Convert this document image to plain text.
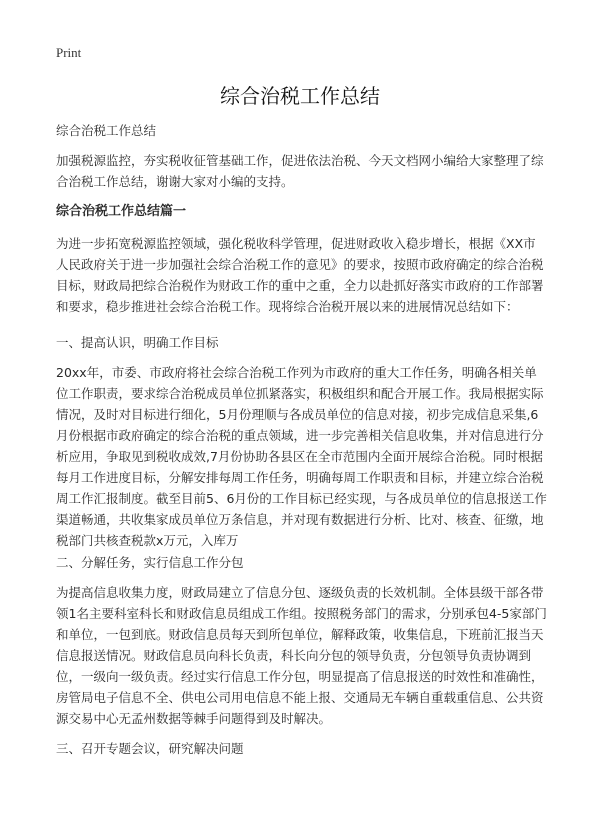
Print
综合治税工作总结

综合治税工作总结

加强税源监控，夯实税收征管基础工作，促进依法治税、今天文档网小编给大家整理了综合治税工作总结，谢谢大家对小编的支持。

综合治税工作总结篇一

为进一步拓宽税源监控领域，强化税收科学管理，促进财政收入稳步增长，根据《XX市人民政府关于进一步加强社会综合治税工作的意见》的要求，按照市政府确定的综合治税目标，财政局把综合治税作为财政工作的重中之重，全力以赴抓好落实市政府的工作部署和要求，稳步推进社会综合治税工作。现将综合治税开展以来的进展情况总结如下：

一、提高认识，明确工作目标

20xx年，市委、市政府将社会综合治税工作列为市政府的重大工作任务，明确各相关单位工作职责，要求综合治税成员单位抓紧落实，积极组织和配合开展工作。我局根据实际情况，及时对目标进行细化，5月份理顺与各成员单位的信息对接，初步完成信息采集,6月份根据市政府确定的综合治税的重点领域，进一步完善相关信息收集，并对信息进行分析应用，争取见到税收成效,7月份协助各县区在全市范围内全面开展综合治税。同时根据每月工作进度目标，分解安排每周工作任务，明确每周工作职责和目标，并建立综合治税周工作汇报制度。截至目前5、6月份的工作目标已经实现，与各成员单位的信息报送工作渠道畅通，共收集家成员单位万条信息，并对现有数据进行分析、比对、核查、征缴，地税部门共核查税款x万元，入库万

二、分解任务，实行信息工作分包

为提高信息收集力度，财政局建立了信息分包、逐级负责的长效机制。全体县级干部各带领1名主要科室科长和财政信息员组成工作组。按照税务部门的需求，分别承包4-5家部门和单位，一包到底。财政信息员每天到所包单位，解释政策，收集信息，下班前汇报当天信息报送情况。财政信息员向科长负责，科长向分包的领导负责，分包领导负责协调到位，一级向一级负责。经过实行信息工作分包，明显提高了信息报送的时效性和准确性，房管局电子信息不全、供电公司用电信息不能上报、交通局无车辆自重载重信息、公共资源交易中心无孟州数据等棘手问题得到及时解决。

三、召开专题会议，研究解决问题
